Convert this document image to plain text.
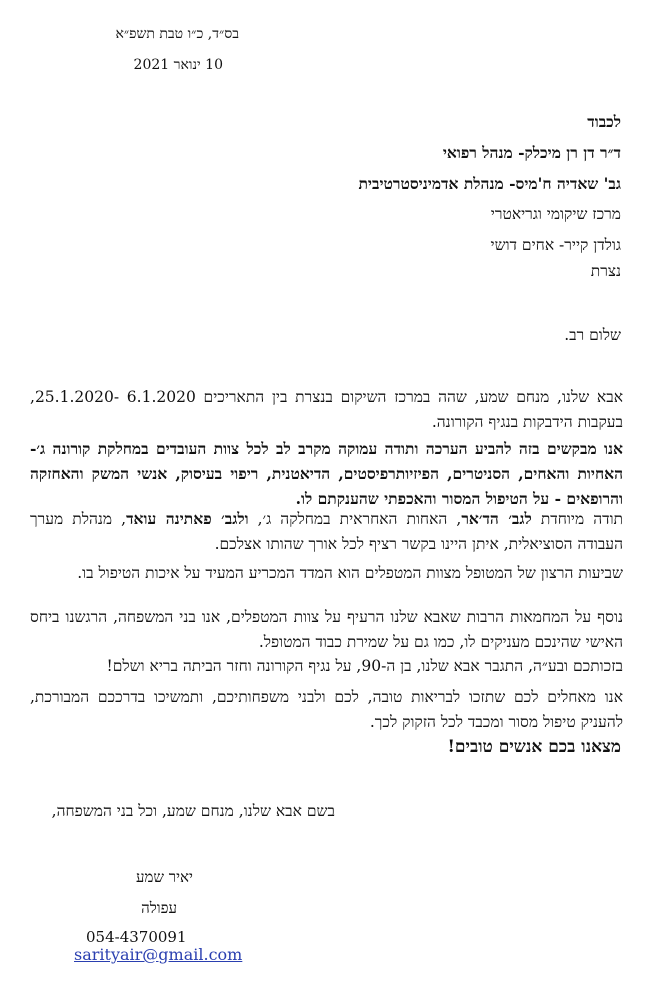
בס״ד, כ״ו טבת תשפ״א
10 ינואר 2021
לכבוד
ד״ר דן רן מיכלק- מנהל רפואי
גב' שאדיה ח'מיס- מנהלת אדמיניסטרטיבית
מרכז שיקומי וגריאטרי
גולדן קייר- אחים דושי
נצרת
שלום רב.
אבא שלנו, מנחם שמע, שהה במרכז השיקום בנצרת בין התאריכים 6.1.2020 -25.1.2020, בעקבות הידבקות בנגיף הקורונה.
אנו מבקשים בזה להביע הערכה ותודה עמוקה מקרב לב לכל צוות העובדים במחלקת קורונה ג׳- האחיות והאחים, הסניטרים, הפיזיותרפיסטים, הדיאטנית, ריפוי בעיסוק, אנשי המשק והאחזקה והרופאים - על הטיפול המסור והאכפתי שהענקתם לו.
תודה מיוחדת לגב׳ הד׳אר, האחות האחראית במחלקה ג׳, ולגב׳ פאתינה עואד, מנהלת מערך העבודה הסוציאלית, איתן היינו בקשר רציף לכל אורך שהותו אצלכם.
שביעות הרצון של המטופל מצוות המטפלים הוא המדד המכריע המעיד על איכות הטיפול בו.
נוסף על המחמאות הרבות שאבא שלנו הרעיף על צוות המטפלים, אנו בני המשפחה, הרגשנו ביחס האישי שהינכם מעניקים לו, כמו גם על שמירת כבוד המטופל.
בזכותכם ובע״ה, התגבר אבא שלנו, בן ה-90, על נגיף הקורונה וחזר הביתה בריא ושלם!
אנו מאחלים לכם שתזכו לבריאות טובה, לכם ולבני משפחותיכם, ותמשיכו בדרככם המבורכת, להעניק טיפול מסור ומכבד לכל הזקוק לכך.
מצאנו בכם אנשים טובים!
בשם אבא שלנו, מנחם שמע, וכל בני המשפחה,
יאיר שמע
עפולה
054-4370091
sarityair@gmail.com
